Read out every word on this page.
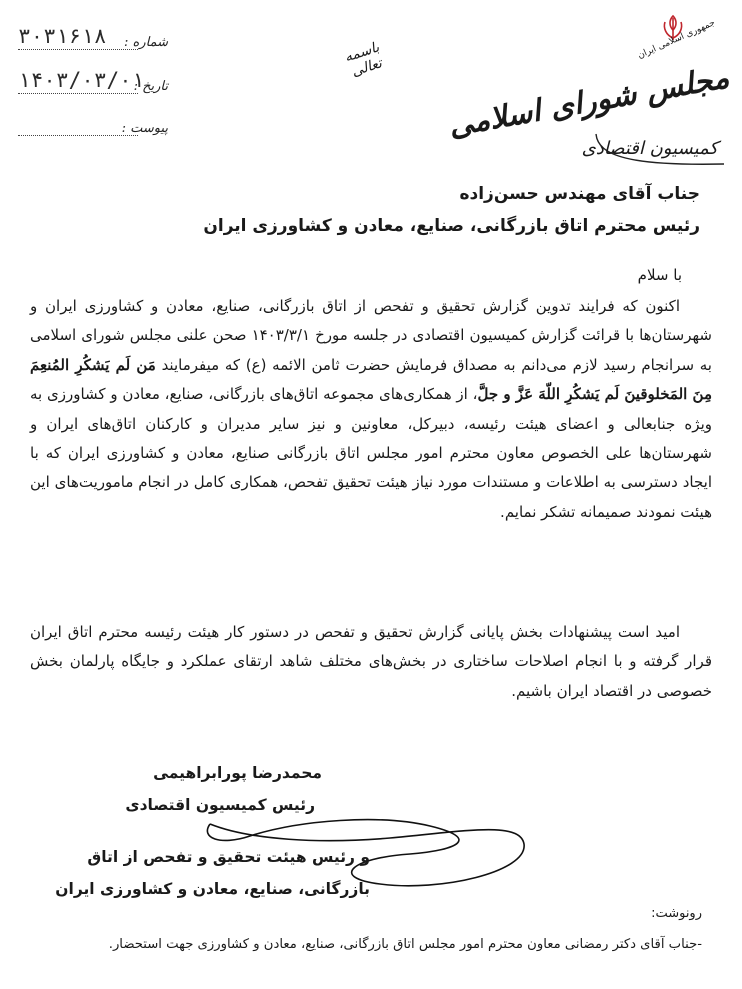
۳۰۳۱۶۱۸	شماره :
۱۴۰۳/۰۳/۰۱
تاریخ :
پیوست :
باسمه تعالی
جمهوری اسلامی ایران
مجلس شورای اسلامی
کمیسیون اقتصادی
جناب آقای مهندس حسن‌زاده
رئیس محترم اتاق بازرگانی، صنایع، معادن و کشاورزی ایران
با سلام

اکنون که فرایند تدوین گزارش تحقیق و تفحص از اتاق بازرگانی، صنایع، معادن و کشاورزی ایران و شهرستان‌ها با قرائت گزارش کمیسیون اقتصادی در جلسه مورخ ۱۴۰۳/۳/۱ صحن علنی مجلس شورای اسلامی به سرانجام رسید لازم می‌دانم به مصداق فرمایش حضرت ثامن الائمه (ع) که میفرمایند مَن لَم یَشکُرِ المُنعِمَ مِنَ المَخلوقینَ لَم یَشکُرِ اللّهَ عَزَّ و جلَّ، از همکاری‌های مجموعه اتاق‌های بازرگانی، صنایع، معادن و کشاورزی به ویژه جنابعالی و اعضای هیئت رئیسه، دبیرکل، معاونین و نیز سایر مدیران و کارکنان اتاق‌های ایران و شهرستان‌ها علی الخصوص معاون محترم امور مجلس اتاق بازرگانی صنایع، معادن و کشاورزی ایران که با ایجاد دسترسی به اطلاعات و مستندات مورد نیاز هیئت تحقیق تفحص، همکاری کامل در انجام ماموریت‌های این هیئت نمودند صمیمانه تشکر نمایم.

امید است پیشنهادات بخش پایانی گزارش تحقیق و تفحص در دستور کار هیئت رئیسه محترم اتاق ایران قرار گرفته و با انجام اصلاحات ساختاری در بخش‌های مختلف شاهد ارتقای عملکرد و جایگاه پارلمان بخش خصوصی در اقتصاد ایران باشیم.

محمدرضا پورابراهیمی
رئیس کمیسیون اقتصادی
و رئیس هیئت تحقیق و تفحص از اتاق
بازرگانی، صنایع، معادن و کشاورزی ایران
رونوشت:
-جناب آقای دکتر رمضانی معاون محترم امور مجلس اتاق بازرگانی، صنایع، معادن و کشاورزی جهت استحضار.
